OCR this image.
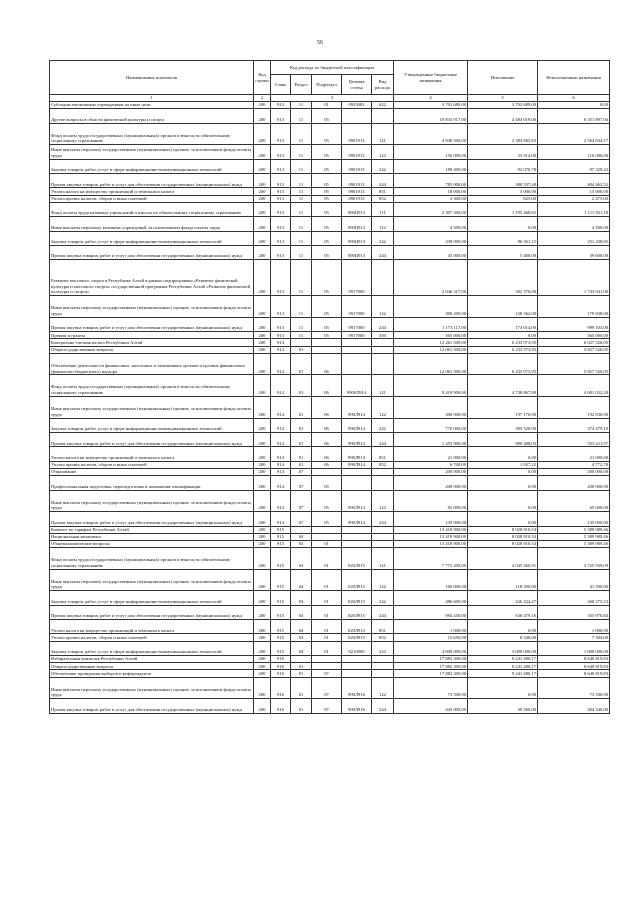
56
Наименование показателя	Код строки	Код расхода по бюджетной классификации					Утвержденные бюджетные назначения	Исполнение	Неисполненные назначения
		Глава	Раздел	Подраздел	Целевая статья	Вид расхода			
1	2	3					4	5	6
Субсидии автономным учреждениям на иные цели	200	913	11	01	0925081	622	3 702 689,00	3 702 689,00	0,00
Другие вопросы в области физической культуры и спорта	200	913	11	05			10 835 917,00	4 484 019,06	6 351 897,94
Фонд оплаты труда государственных (муниципальных) органов и взносы по обязательному социальному страхованию	200	913	11	05	0901913	121	4 948 500,00	2 383 865,83	2 564 634,17
Иные выплаты персоналу государственных (муниципальных) органов, за исключением фонда оплаты труда	200	913	11	05	0901913	122	150 000,00	33 914,00	116 086,00
Закупка товаров, работ, услуг в сфере информационно-коммуникационных технологий	200	913	11	05	0901913	242	189 400,00	92 070,78	97 329,22
Прочая закупка товаров, работ и услуг для обеспечения государственных (муниципальных) нужд	200	913	11	05	0901913	244	785 000,00	380 537,48	404 462,52
Уплата налога на имущество организаций и земельного налога	200	913	11	05	0901913	851	18 000,00	3 000,00	15 000,00
Уплата прочих налогов, сборов и иных платежей	200	913	11	05	0901913	852	3 300,00	825,00	2 475,00
Фонд оплаты труда казенных учреждений и взносы по обязательному социальному страхованию	200	913	11	05	090Ц913	111	2 307 300,00	1 195 468,82	1 111 831,18
Иные выплаты персоналу казенных учреждений, за исключением фонда оплаты труда	200	913	11	05	090Ц913	112	4 500,00	0,00	4 500,00
Закупка товаров, работ, услуг в сфере информационно-коммуникационных технологий	200	913	11	05	090Ц913	242	338 000,00	86 561,15	251 438,85
Прочая закупка товаров, работ и услуг для обеспечения государственных (муниципальных) нужд	200	913	11	05	090Ц913	244	45 000,00	5 400,00	39 600,00
Развитие массового спорта в Республике Алтай в рамках подпрограммы «Развитие физической культуры и массового спорта» государственной программы Республики Алтай «Развитие физической культуры и спорта»	200	913	11	05	0917000		2 046 317,00	302 376,00	1 743 941,00
Иные выплаты персоналу государственных (муниципальных) органов, за исключением фонда оплаты труда	200	913	11	05	0917000	122	308 200,00	128 362,00	179 838,00
Прочая закупка товаров, работ и услуг для обеспечения государственных (муниципальных) нужд	200	913	11	05	0917000	244	1 173 117,00	174 014,00	999 103,00
Премии и гранты	200	913	11	05	0917000	350	565 000,00	0,00	565 000,00
Контрольно-счетная палата Республики Алтай	200	914					12 261 500,00	6 233 973,95	6 027 526,05
Общегосударственные вопросы	200	914	01				12 061 500,00	6 233 973,95	5 827 526,05
Обеспечение деятельности финансовых, налоговых и таможенных органов и органов финансового (финансово-бюджетного) надзора	200	914	01	06			12 061 500,00	6 233 973,95	5 827 526,05
Фонд оплаты труда государственных (муниципальных) органов и взносы по обязательному социальному страхованию	200	914	01	06	9900Л914	121	9 419 900,00	4 738 867,80	4 681 032,20
Иные выплаты персоналу государственных (муниципальных) органов, за исключением фонда оплаты труда	200	914	01	06	990Л914	122	390 000,00	197 170,00	192 830,00
Закупка товаров, работ, услуг в сфере информационно-коммуникационных технологий	200	914	01	06	990Л914	242	770 000,00	395 520,90	374 479,10
Прочая закупка товаров, работ и услуг для обеспечения государственных (муниципальных) нужд	200	914	01	06	990Л914	244	1 453 900,00	900 488,03	553 411,97
Уплата налога на имущество организаций и земельного налога	200	914	01	06	990Л914	851	21 000,00	0,00	21 000,00
Уплата прочих налогов, сборов и иных платежей	200	914	01	06	990Л914	852	6 700,00	1 927,22	4 772,78
Образование	200	914	07				200 000,00	0,00	200 000,00
Профессиональная подготовка, переподготовка и повышение квалификации	200	914	07	05			200 000,00	0,00	200 000,00
Иные выплаты персоналу государственных (муниципальных) органов, за исключением фонда оплаты труда	200	914	07	05	990Л914	122	65 000,00	0,00	65 000,00
Прочая закупка товаров, работ и услуг для обеспечения государственных (муниципальных) нужд	200	914	07	05	990Л914	244	135 000,00	0,00	135 000,00
Комитет по тарифам Республики Алтай	200	915					13 418 900,00	8 028 910,54	5 389 989,46
Национальная экономика	200	915	04				13 418 900,00	8 028 910,54	5 389 989,46
Общеэкономические вопросы	200	915	04	01			13 418 900,00	8 028 910,54	5 389 989,46
Фонд оплаты труда государственных (муниципальных) органов и взносы по обязательному социальному страхованию	200	915	04	01	020Л915	121	7 773 200,00	4 045 260,91	3 725 939,09
Иные выплаты персоналу государственных (муниципальных) органов, за исключением фонда оплаты труда	200	915	04	01	020Л915	122	160 000,00	118 500,00	41 500,00
Закупка товаров, работ, услуг в сфере информационно-коммуникационных технологий	200	915	04	01	020Л915	242	486 600,00	226 324,47	260 275,53
Прочая закупка товаров, работ и услуг для обеспечения государственных (муниципальных) нужд	200	915	04	01	020Л915	244	984 450,00	630 479,16	353 970,84
Уплата налога на имущество организаций и земельного налога	200	915	04	01	020Л915	851	1 000,00	0,00	1 000,00
Уплата прочих налогов, сборов и иных платежей	200	915	04	01	020Л915	852	15 650,00	8 346,00	7 304,00
Закупка товаров, работ, услуг в сфере информационно-коммуникационных технологий	200	915	04	01	0210000	242	4 000 000,00	3 000 000,00	1 000 000,00
Избирательная комиссия Республики Алтай	200	916					17 882 300,00	9 241 480,17	8 640 819,83
Общегосударственные вопросы	200	916	01				17 882 300,00	9 241 480,17	8 640 819,83
Обеспечение проведения выборов и референдумов	200	916	01	07			17 882 300,00	9 241 480,17	8 640 819,83
Иные выплаты персоналу государственных (муниципальных) органов, за исключением фонда оплаты труда	200	916	01	07	990Л916	122	73 500,00	0,00	73 500,00
Прочая закупка товаров, работ и услуг для обеспечения государственных (муниципальных) нужд	200	916	01	07	990Л916	244	443 900,00	39 560,00	404 340,00
